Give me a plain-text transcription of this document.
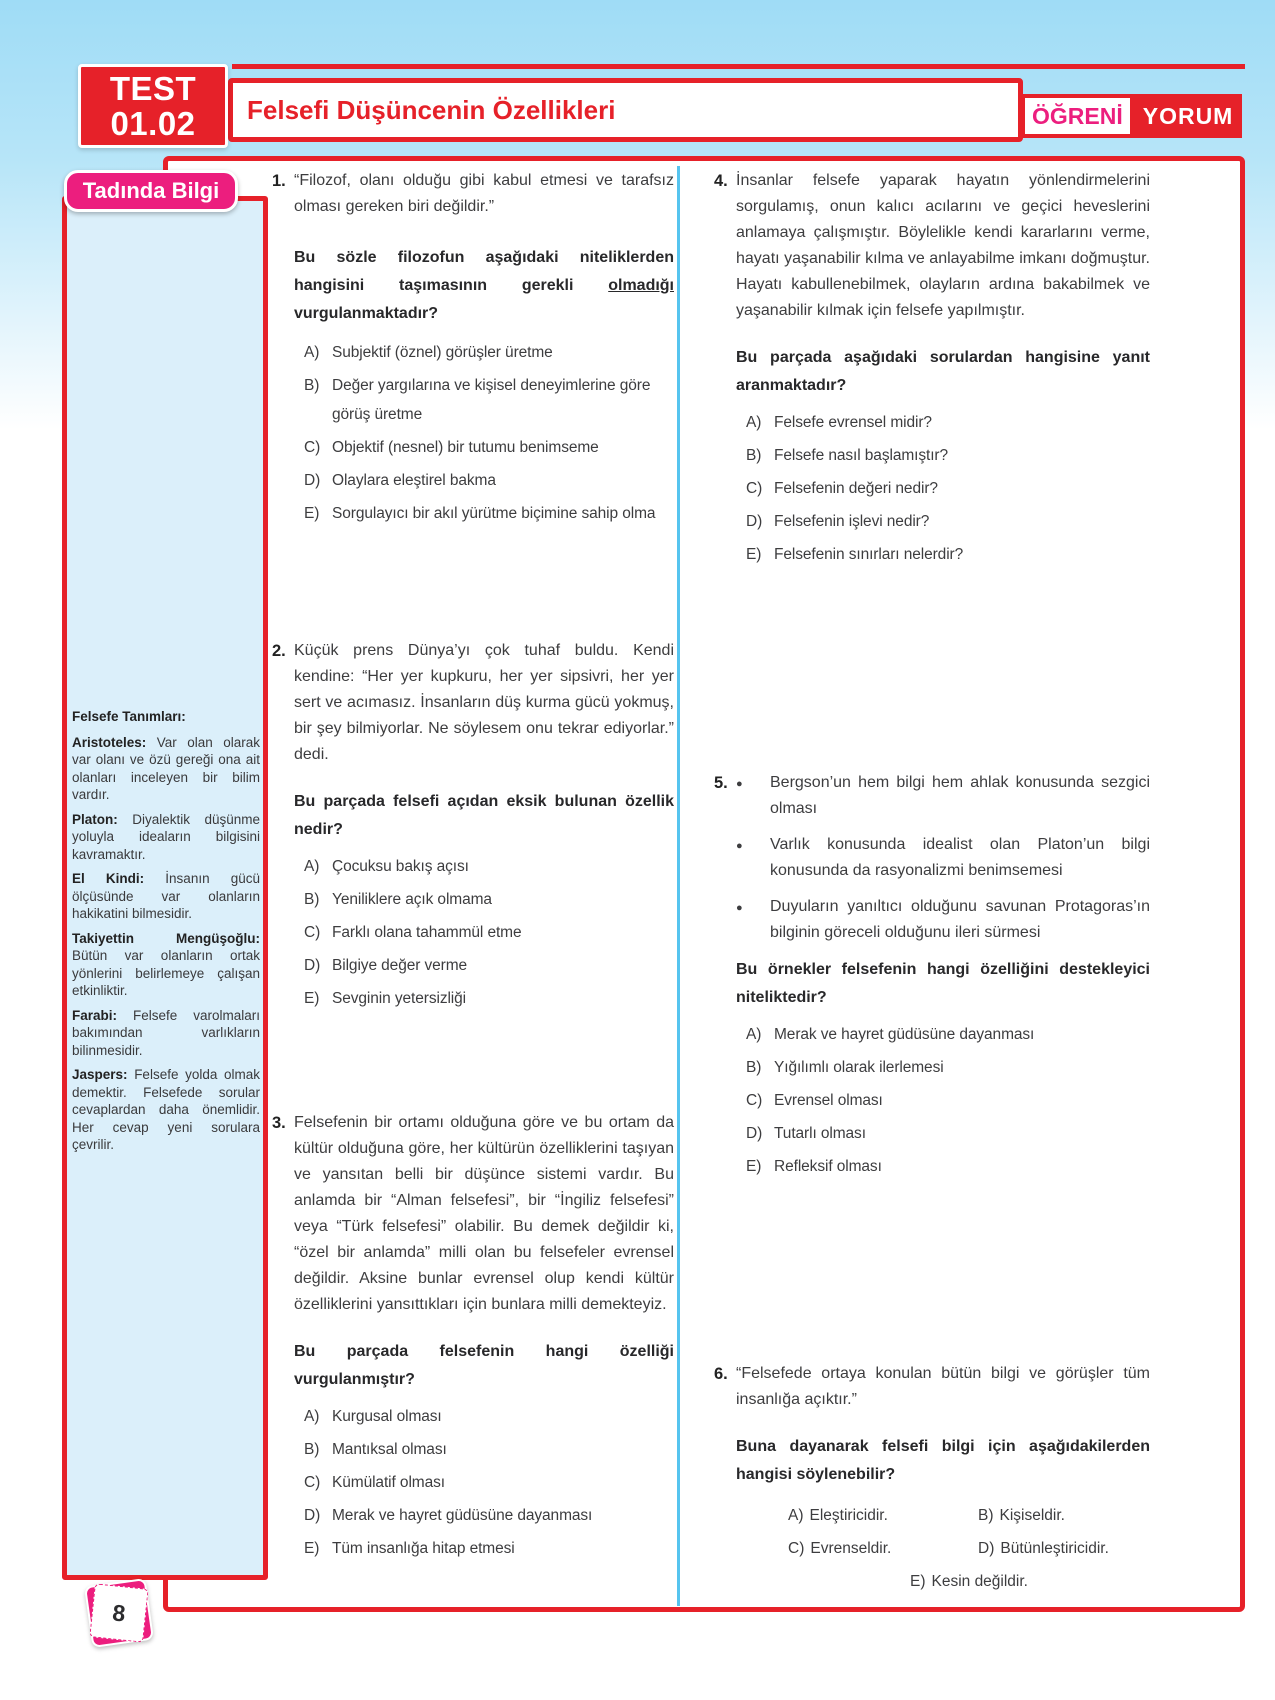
TEST
01.02 Felsefi Düşüncenin Özellikleri	ÖĞRENİ YORUM
Tadında Bilgi

Felsefe Tanımları:

Aristoteles: Var olan olarak var olanı ve özü gereği ona ait olanları inceleyen bir bilim vardır.

Platon: Diyalektik düşünme yoluyla ideaların bilgisini kavramaktır.

El Kindi: İnsanın gücü ölçüsünde var olanların hakikatini bilmesidir.

Takiyettin Mengüşoğlu: Bütün var olanların ortak yönlerini belirlemeye çalışan etkinliktir.

Farabi: Felsefe varolmaları bakımından varlıkların bilinmesidir.

Jaspers: Felsefe yolda olmak demektir. Felsefede sorular cevaplardan daha önemlidir. Her cevap yeni sorulara çevrilir.

1. “Filozof, olanı olduğu gibi kabul etmesi ve tarafsız olması gereken biri değildir.”

Bu sözle filozofun aşağıdaki niteliklerden hangisini taşımasının gerekli olmadığı vurgulanmaktadır?

A) Subjektif (öznel) görüşler üretme
B) Değer yargılarına ve kişisel deneyimlerine göre görüş üretme
C) Objektif (nesnel) bir tutumu benimseme
D) Olaylara eleştirel bakma
E) Sorgulayıcı bir akıl yürütme biçimine sahip olma
2. Küçük prens Dünya’yı çok tuhaf buldu. Kendi kendine: “Her yer kupkuru, her yer sipsivri, her yer sert ve acımasız. İnsanların düş kurma gücü yokmuş, bir şey bilmiyorlar. Ne söylesem onu tekrar ediyorlar.” dedi.

Bu parçada felsefi açıdan eksik bulunan özellik nedir?

A) Çocuksu bakış açısı
B) Yeniliklere açık olmama
C) Farklı olana tahammül etme
D) Bilgiye değer verme
E) Sevginin yetersizliği
3. Felsefenin bir ortamı olduğuna göre ve bu ortam da kültür olduğuna göre, her kültürün özelliklerini taşıyan ve yansıtan belli bir düşünce sistemi vardır. Bu anlamda bir “Alman felsefesi”, bir “İngiliz felsefesi” veya “Türk felsefesi” olabilir. Bu demek değildir ki, “özel bir anlamda” milli olan bu felsefeler evrensel değildir. Aksine bunlar evrensel olup kendi kültür özelliklerini yansıttıkları için bunlara milli demekteyiz.

Bu parçada felsefenin hangi özelliği vurgulanmıştır?

A) Kurgusal olması
B) Mantıksal olması
C) Kümülatif olması
D) Merak ve hayret güdüsüne dayanması
E) Tüm insanlığa hitap etmesi
4. İnsanlar felsefe yaparak hayatın yönlendirmelerini sorgulamış, onun kalıcı acılarını ve geçici heveslerini anlamaya çalışmıştır. Böylelikle kendi kararlarını verme, hayatı yaşanabilir kılma ve anlayabilme imkanı doğmuştur. Hayatı kabullenebilmek, olayların ardına bakabilmek ve yaşanabilir kılmak için felsefe yapılmıştır.

Bu parçada aşağıdaki sorulardan hangisine yanıt aranmaktadır?

A) Felsefe evrensel midir?
B) Felsefe nasıl başlamıştır?
C) Felsefenin değeri nedir?
D) Felsefenin işlevi nedir?
E) Felsefenin sınırları nelerdir?
5. ●	Bergson’un hem bilgi hem ahlak konusunda sezgici olması
●
Varlık konusunda idealist olan Platon’un bilgi konusunda da rasyonalizmi benimsemesi
●
Duyuların yanıltıcı olduğunu savunan Protagoras’ın bilginin göreceli olduğunu ileri sürmesi

Bu örnekler felsefenin hangi özelliğini destekleyici niteliktedir?

A) Merak ve hayret güdüsüne dayanması
B) Yığılımlı olarak ilerlemesi
C) Evrensel olması
D) Tutarlı olması
E) Refleksif olması
6. “Felsefede ortaya konulan bütün bilgi ve görüşler tüm insanlığa açıktır.”

Buna dayanarak felsefi bilgi için aşağıdakilerden hangisi söylenebilir?

A) Eleştiricidir.	B) Kişiseldir.
C) Evrenseldir.	D) Bütünleştiricidir.
E) Kesin değildir.
8
